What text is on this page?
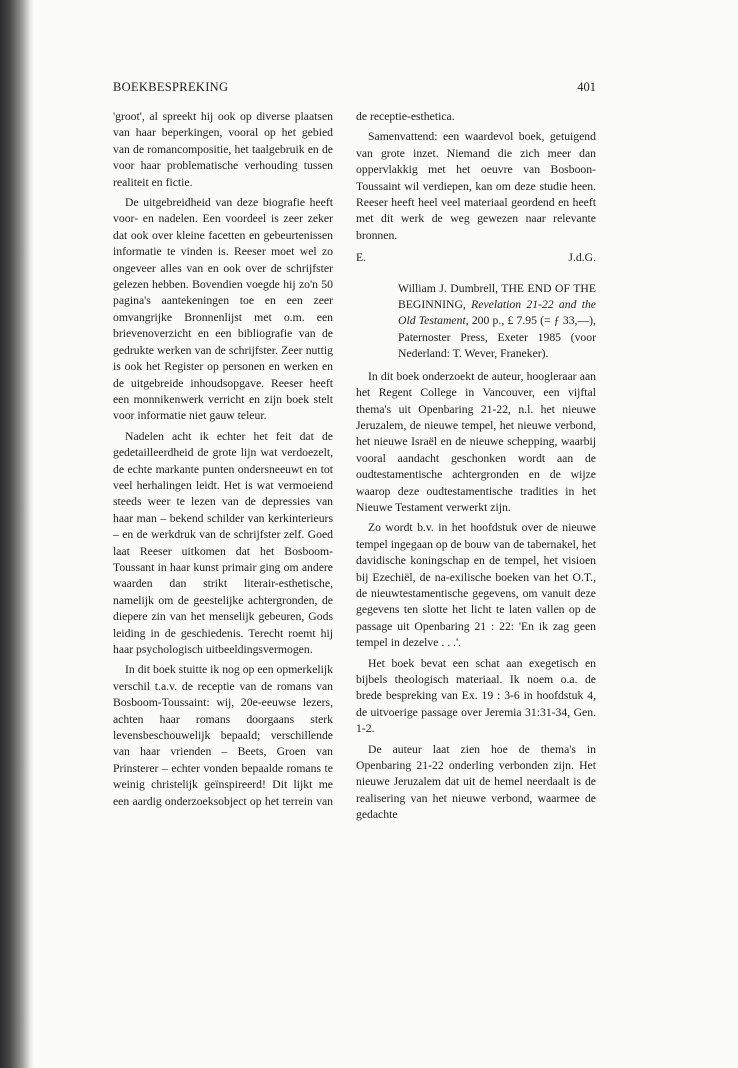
BOEKBESPREKING	401

'groot', al spreekt hij ook op diverse plaatsen van haar beperkingen, vooral op het gebied van de romancompositie, het taalgebruik en de voor haar problematische verhouding tussen realiteit en fictie.

De uitgebreidheid van deze biografie heeft voor- en nadelen. Een voordeel is zeer zeker dat ook over kleine facetten en gebeurtenissen informatie te vinden is. Reeser moet wel zo ongeveer alles van en ook over de schrijfster gelezen hebben. Bovendien voegde hij zo'n 50 pagina's aantekeningen toe en een zeer omvangrijke Bronnenlijst met o.m. een brievenoverzicht en een bibliografie van de gedrukte werken van de schrijfster. Zeer nuttig is ook het Register op personen en werken en de uitgebreide inhoudsopgave. Reeser heeft een monnikenwerk verricht en zijn boek stelt voor informatie niet gauw teleur.

Nadelen acht ik echter het feit dat de gedetailleerdheid de grote lijn wat verdoezelt, de echte markante punten ondersneeuwt en tot veel herhalingen leidt. Het is wat vermoeiend steeds weer te lezen van de depressies van haar man – bekend schilder van kerkinterieurs – en de werkdruk van de schrijfster zelf. Goed laat Reeser uitkomen dat het Bosboom-Toussant in haar kunst primair ging om andere waarden dan strikt literair-esthetische, namelijk om de geestelijke achtergronden, de diepere zin van het menselijk gebeuren, Gods leiding in de geschiedenis. Terecht roemt hij haar psychologisch uitbeeldingsvermogen.

In dit boek stuitte ik nog op een opmerkelijk verschil t.a.v. de receptie van de romans van Bosboom-Toussaint: wij, 20e-eeuwse lezers, achten haar romans doorgaans sterk levensbeschouwelijk bepaald; verschillende van haar vrienden – Beets, Groen van Prinsterer – echter vonden bepaalde romans te weinig christelijk geïnspireerd! Dit lijkt me een aardig onderzoeksobject op het terrein van

de receptie-esthetica.

Samenvattend: een waardevol boek, getuigend van grote inzet. Niemand die zich meer dan oppervlakkig met het oeuvre van Bosboon-Toussaint wil verdiepen, kan om deze studie heen. Reeser heeft heel veel materiaal geordend en heeft met dit werk de weg gewezen naar relevante bronnen.

E.	J.d.G.
William J. Dumbrell, THE END OF THE BEGINNING, Revelation 21-22 and the Old Testament, 200 p., £ 7.95 (= ƒ 33,—), Paternoster Press, Exeter 1985 (voor Nederland: T. Wever, Franeker).

In dit boek onderzoekt de auteur, hoogleraar aan het Regent College in Vancouver, een vijftal thema's uit Openbaring 21-22, n.l. het nieuwe Jeruzalem, de nieuwe tempel, het nieuwe verbond, het nieuwe Israël en de nieuwe schepping, waarbij vooral aandacht geschonken wordt aan de oudtestamentische achtergronden en de wijze waarop deze oudtestamentische tradities in het Nieuwe Testament verwerkt zijn.

Zo wordt b.v. in het hoofdstuk over de nieuwe tempel ingegaan op de bouw van de tabernakel, het davidische koningschap en de tempel, het visioen bij Ezechiël, de na-exilische boeken van het O.T., de nieuwtestamentische gegevens, om vanuit deze gegevens ten slotte het licht te laten vallen op de passage uit Openbaring 21 : 22: 'En ik zag geen tempel in dezelve . . .'.

Het boek bevat een schat aan exegetisch en bijbels theologisch materiaal. Ik noem o.a. de brede bespreking van Ex. 19 : 3-6 in hoofdstuk 4, de uitvoerige passage over Jeremia 31:31-34, Gen. 1-2.

De auteur laat zien hoe de thema's in Openbaring 21-22 onderling verbonden zijn. Het nieuwe Jeruzalem dat uit de hemel neerdaalt is de realisering van het nieuwe verbond, waarmee de gedachte
